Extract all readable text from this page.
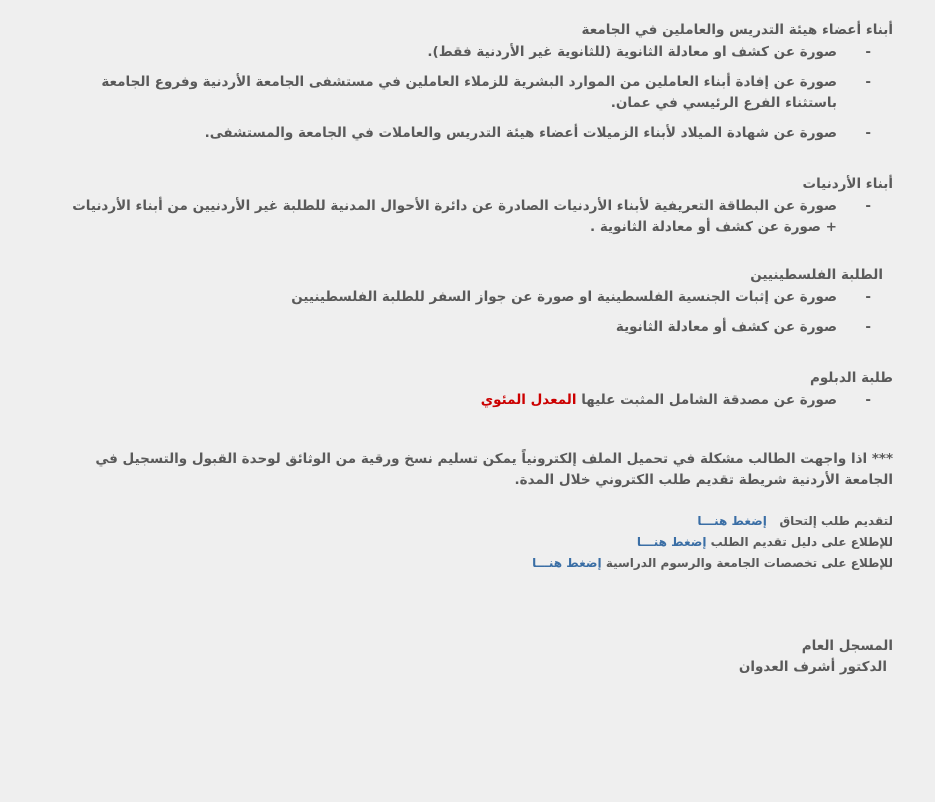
أبناء أعضاء هيئة التدريس والعاملين في الجامعة
-
صورة عن كشف او معادلة الثانوية (للثانوية غير الأردنية فقط).
-
صورة عن إفادة أبناء العاملين من الموارد البشرية للزملاء العاملين في مستشفى الجامعة الأردنية وفروع الجامعة باستثناء الفرع الرئيسي في عمان.
-
صورة عن شهادة الميلاد لأبناء الزميلات أعضاء هيئة التدريس والعاملات في الجامعة والمستشفى.
أبناء الأردنيات
-
صورة عن البطاقة التعريفية لأبناء الأردنيات الصادرة عن دائرة الأحوال المدنية للطلبة غير الأردنيين من أبناء الأردنيات + صورة عن كشف أو معادلة الثانوية .
الطلبة الفلسطينيين
-
صورة عن إثبات الجنسية الفلسطينية او صورة عن جواز السفر للطلبة الفلسطينيين
-
صورة عن كشف أو معادلة الثانوية
طلبة الدبلوم
-
صورة عن مصدقة الشامل المثبت عليها المعدل المئوي
*** اذا واجهت الطالب مشكلة في تحميل الملف إلكترونياً يمكن تسليم نسخ ورقية من الوثائق لوحدة القبول والتسجيل في الجامعة الأردنية شريطة تقديم طلب الكتروني خلال المدة.
لتقديم طلب إلتحاق   إضغط هنـــا
للإطلاع على دليل تقديم الطلب إضغط هنـــا
للإطلاع على تخصصات الجامعة والرسوم الدراسية إضغط هنـــا
المسجل العام
الدكتور أشرف العدوان
